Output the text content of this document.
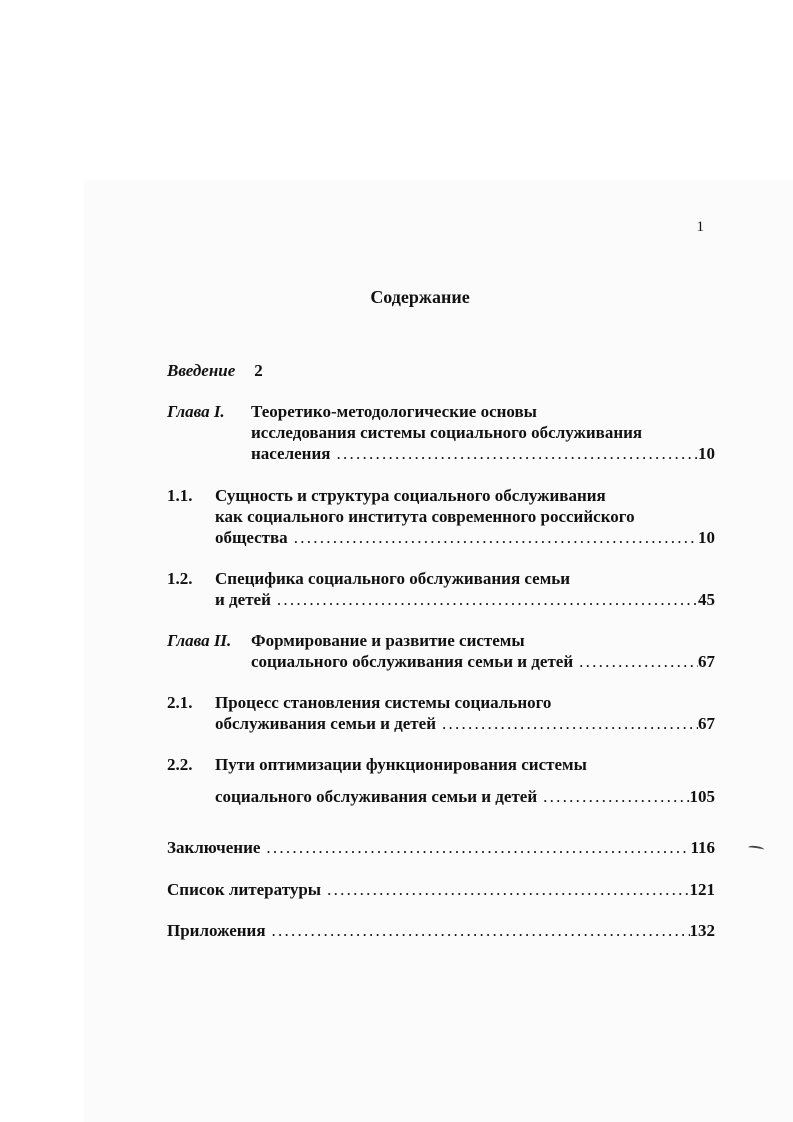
1
Содержание
Введение 2
Глава I. Теоретико-методологические основы
исследования системы социального обслуживания
населения . . .	10
1.1. Сущность и структура социального обслуживания
как социального института современного российского
общества . . .	10
1.2. Специфика социального обслуживания семьи
и детей . . .	45
Глава II. Формирование и развитие системы
социального обслуживания семьи и детей . . .	67
2.1. Процесс становления системы социального
обслуживания семьи и детей . . .	67
2.2. Пути оптимизации функционирования системы
социального обслуживания семьи и детей . . .	105
Заключение . . .	116
Список литературы . . .	121
Приложения . . .	132
